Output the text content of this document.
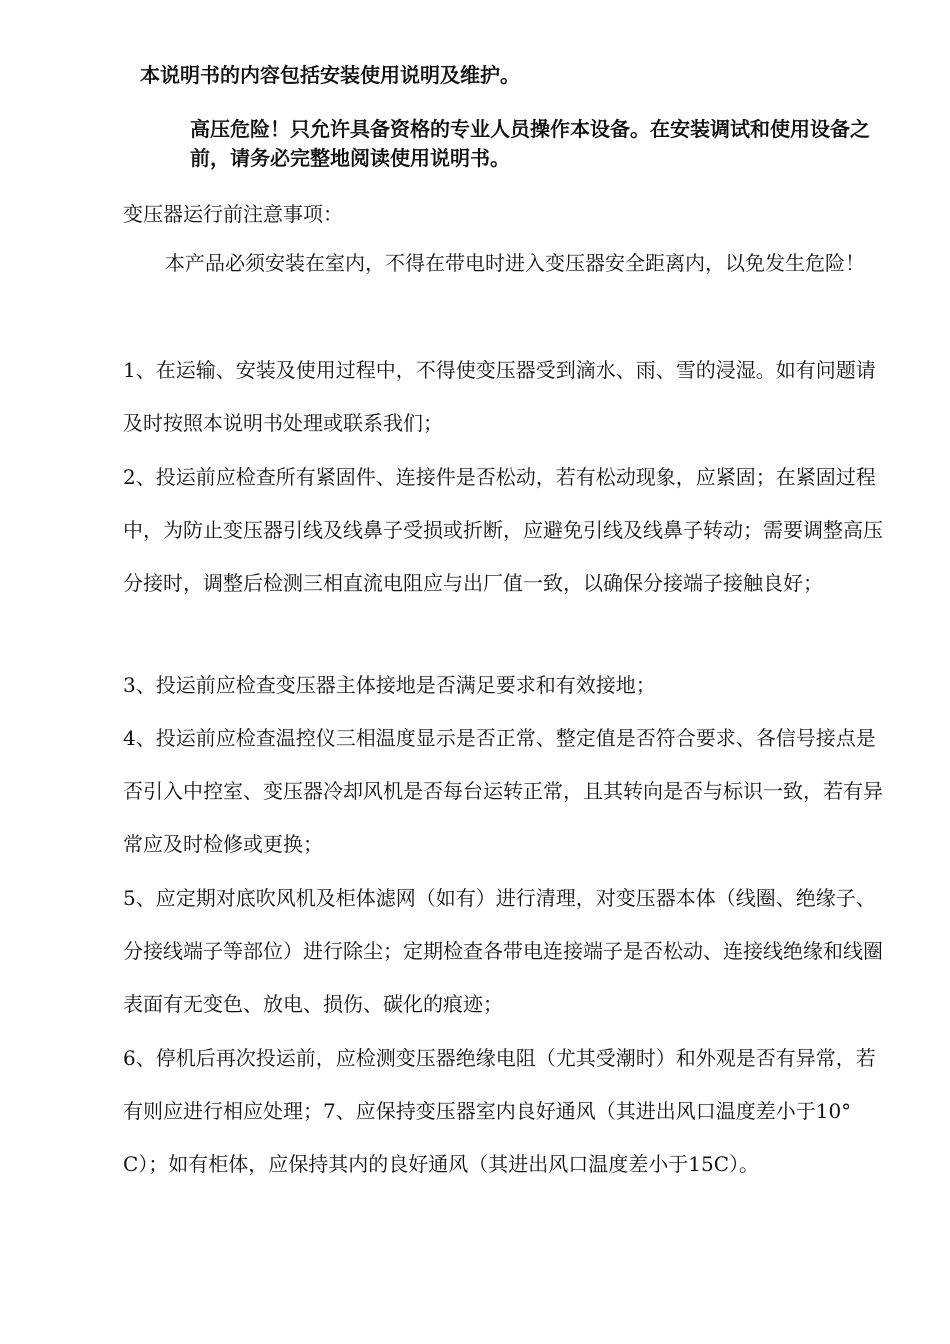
本说明书的内容包括安装使用说明及维护。
高压危险！只允许具备资格的专业人员操作本设备。在安装调试和使用设备之前，请务必完整地阅读使用说明书。
变压器运行前注意事项：
本产品必须安装在室内，不得在带电时进入变压器安全距离内，以免发生危险！
1、在运输、安装及使用过程中，不得使变压器受到滴水、雨、雪的浸湿。如有问题请及时按照本说明书处理或联系我们；
2、投运前应检查所有紧固件、连接件是否松动，若有松动现象，应紧固；在紧固过程中，为防止变压器引线及线鼻子受损或折断，应避免引线及线鼻子转动；需要调整高压分接时，调整后检测三相直流电阻应与出厂值一致，以确保分接端子接触良好；
3、投运前应检查变压器主体接地是否满足要求和有效接地；
4、投运前应检查温控仪三相温度显示是否正常、整定值是否符合要求、各信号接点是否引入中控室、变压器冷却风机是否每台运转正常，且其转向是否与标识一致，若有异常应及时检修或更换；
5、应定期对底吹风机及柜体滤网（如有）进行清理，对变压器本体（线圈、绝缘子、分接线端子等部位）进行除尘；定期检查各带电连接端子是否松动、连接线绝缘和线圈表面有无变色、放电、损伤、碳化的痕迹；
6、停机后再次投运前，应检测变压器绝缘电阻（尤其受潮时）和外观是否有异常，若有则应进行相应处理；7、应保持变压器室内良好通风（其进出风口温度差小于10° C）；如有柜体，应保持其内的良好通风（其进出风口温度差小于15C）。
